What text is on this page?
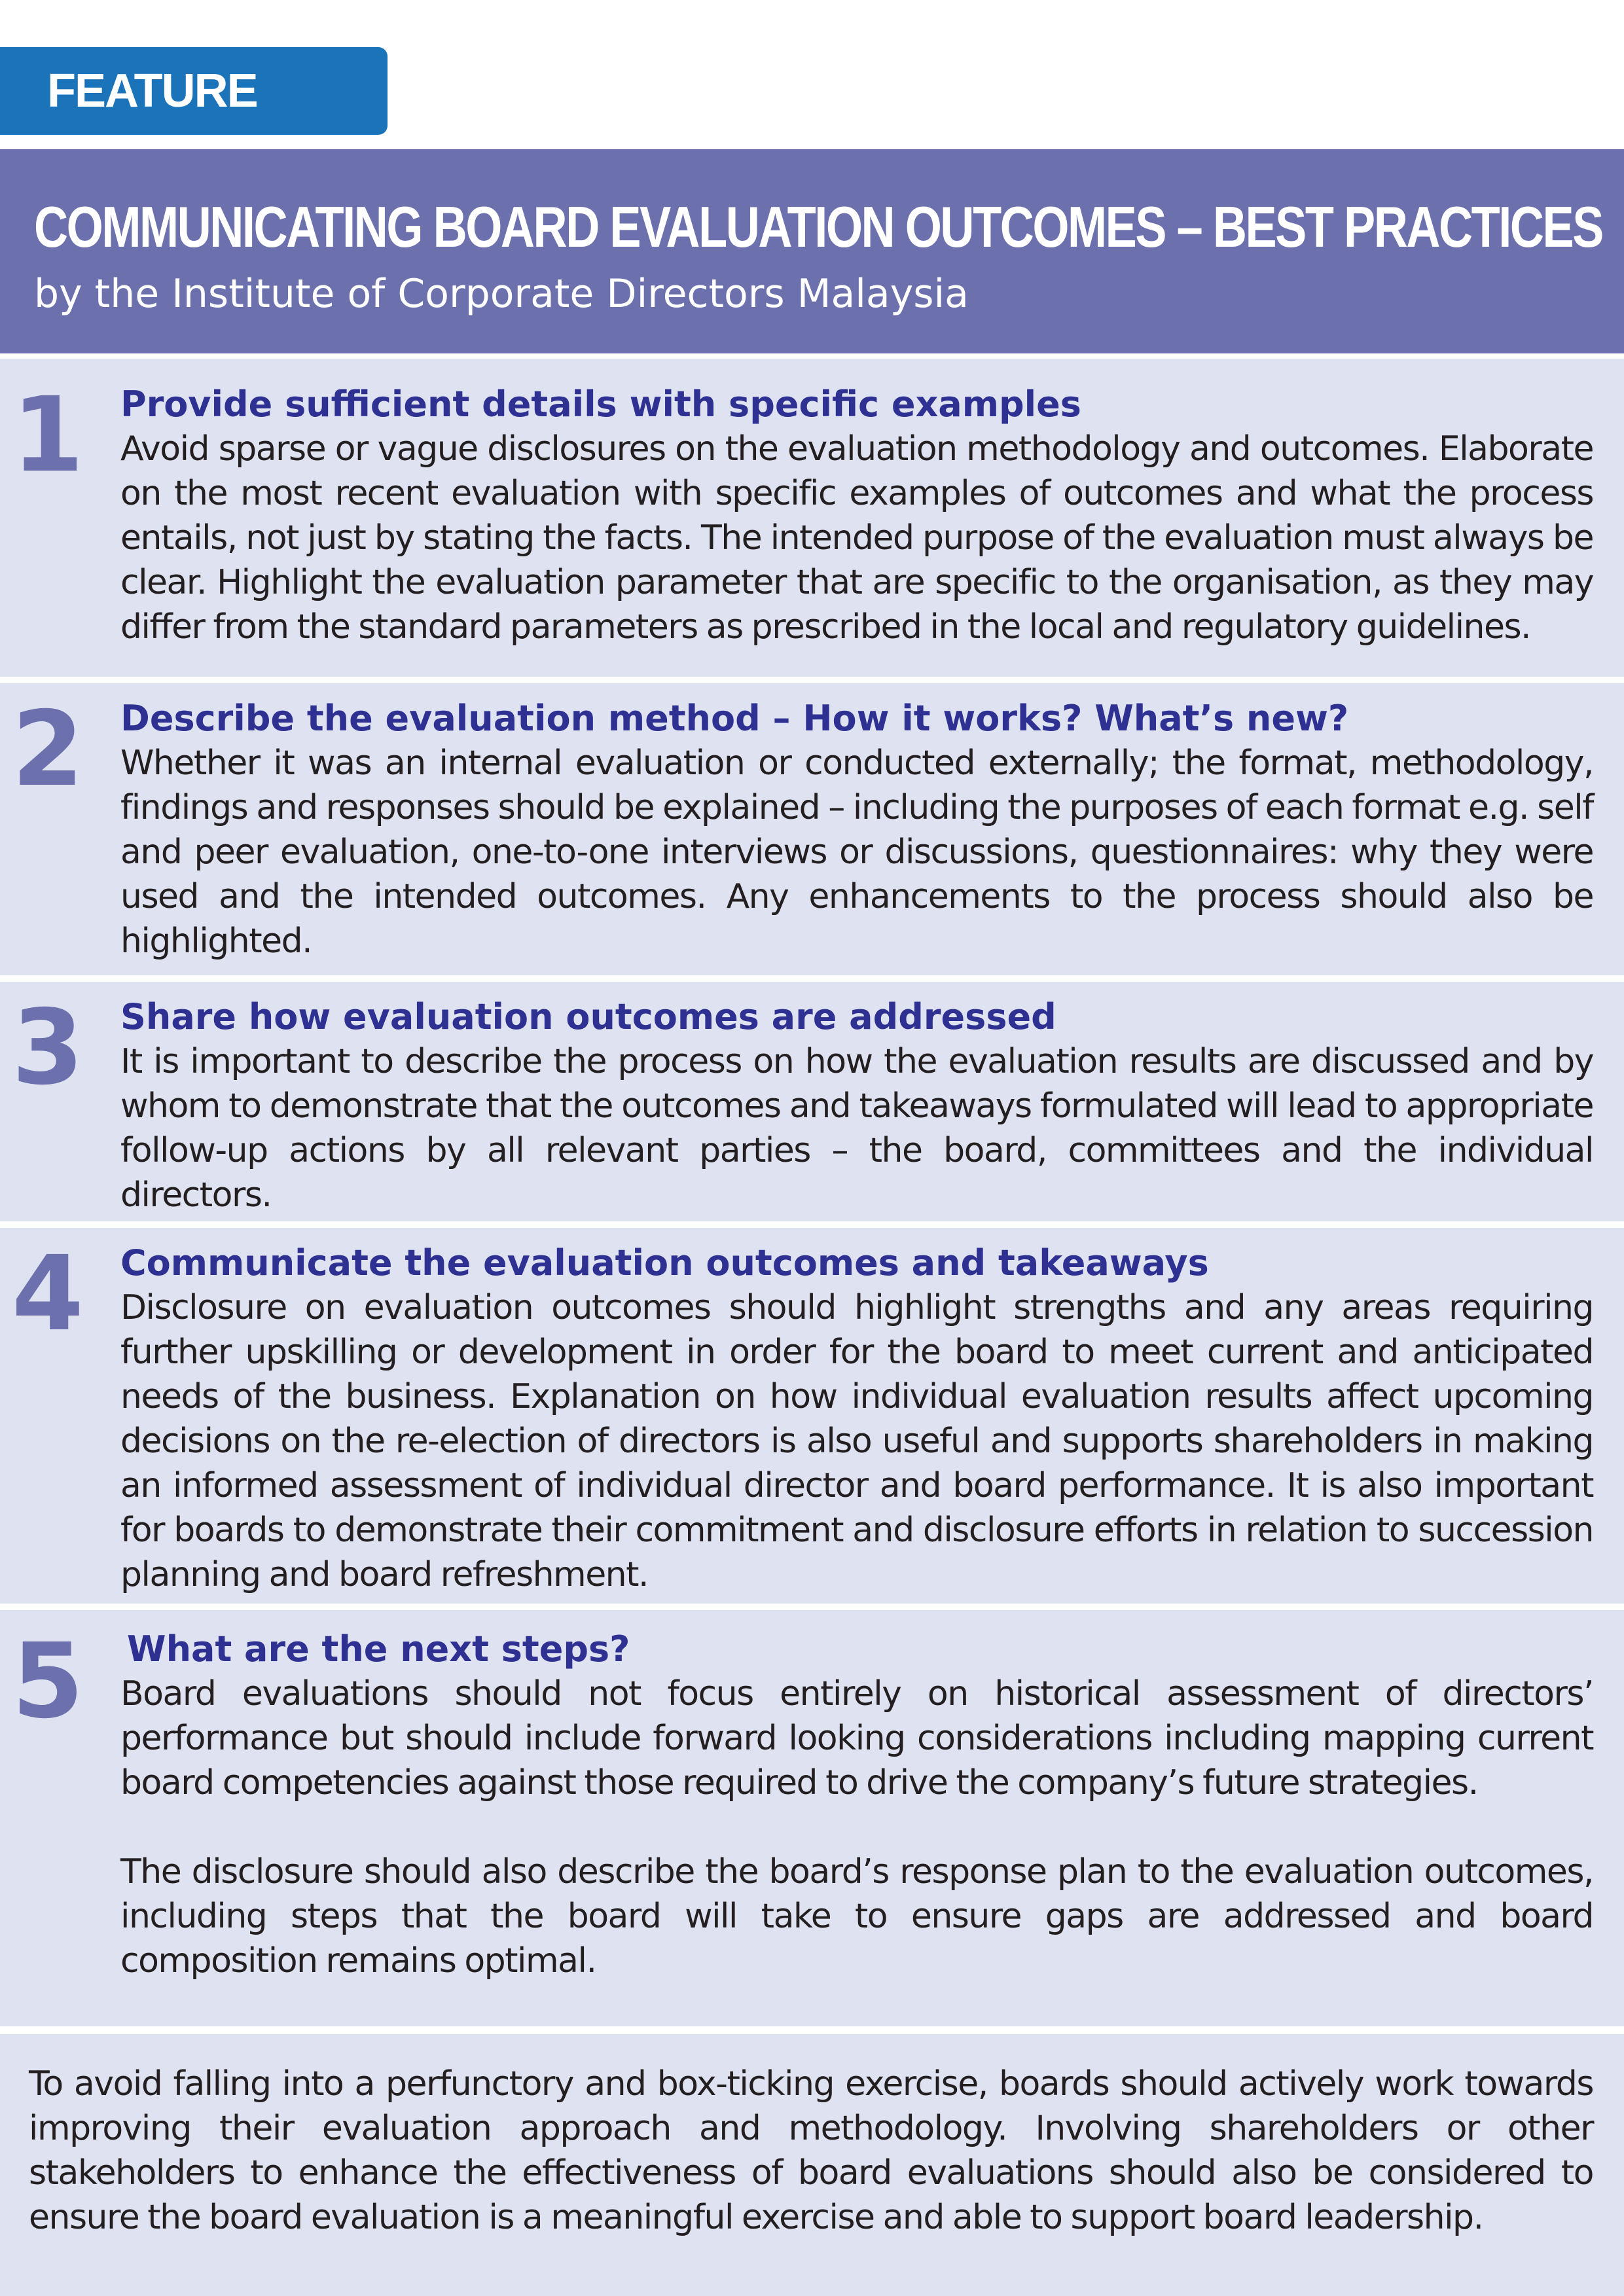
FEATURE
COMMUNICATING BOARD EVALUATION OUTCOMES – BEST PRACTICES
by the Institute of Corporate Directors Malaysia
1 Provide sufficient details with specific examples
Avoid sparse or vague disclosures on the evaluation methodology and outcomes. Elaborate on the most recent evaluation with specific examples of outcomes and what the process entails, not just by stating the facts. The intended purpose of the evaluation must always be clear. Highlight the evaluation parameter that are specific to the organisation, as they may differ from the standard parameters as prescribed in the local and regulatory guidelines.
2 Describe the evaluation method – How it works? What’s new?
Whether it was an internal evaluation or conducted externally; the format, methodology, findings and responses should be explained – including the purposes of each format e.g. self and peer evaluation, one-to-one interviews or discussions, questionnaires: why they were used and the intended outcomes. Any enhancements to the process should also be highlighted.
3 Share how evaluation outcomes are addressed
It is important to describe the process on how the evaluation results are discussed and by whom to demonstrate that the outcomes and takeaways formulated will lead to appropriate follow-up actions by all relevant parties – the board, committees and the individual directors.
4 Communicate the evaluation outcomes and takeaways
Disclosure on evaluation outcomes should highlight strengths and any areas requiring further upskilling or development in order for the board to meet current and anticipated needs of the business. Explanation on how individual evaluation results affect upcoming decisions on the re-election of directors is also useful and supports shareholders in making an informed assessment of individual director and board performance. It is also important for boards to demonstrate their commitment and disclosure efforts in relation to succession planning and board refreshment.
5 What are the next steps?
Board evaluations should not focus entirely on historical assessment of directors’ performance but should include forward looking considerations including mapping current board competencies against those required to drive the company’s future strategies.
The disclosure should also describe the board’s response plan to the evaluation outcomes, including steps that the board will take to ensure gaps are addressed and board composition remains optimal.
To avoid falling into a perfunctory and box-ticking exercise, boards should actively work towards improving their evaluation approach and methodology. Involving shareholders or other stakeholders to enhance the effectiveness of board evaluations should also be considered to ensure the board evaluation is a meaningful exercise and able to support board leadership.
